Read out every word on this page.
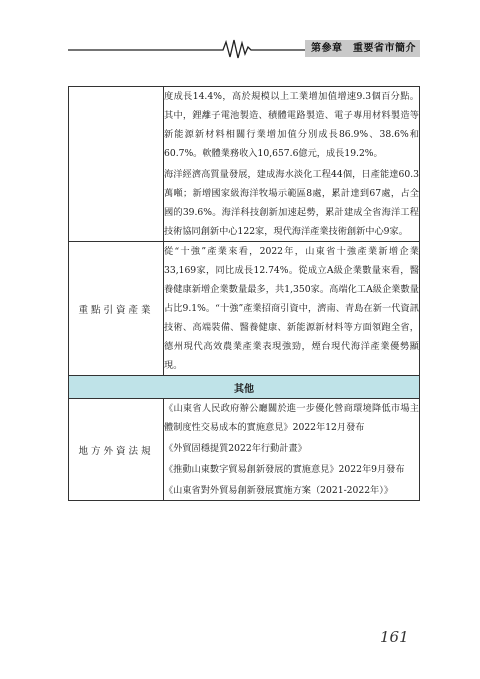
第參章　重要省市簡介

	度成長14.4%，高於規模以上工業增加值增速9.3個百分點。其中，鋰離子電池製造、積體電路製造、電子專用材料製造等新能源新材料相關行業增加值分別成長86.9%、38.6%和60.7%。軟體業務收入10,657.6億元，成長19.2%。

海洋經濟高質量發展，建成海水淡化工程44個，日產能達60.3萬噸；新增國家級海洋牧場示範區8處，累計達到67處，占全國的39.6%。海洋科技創新加速起勢，累計建成全省海洋工程技術協同創新中心122家，現代海洋產業技術創新中心9家。

重點引資產業	從“十強”產業來看，2022年，山東省十強產業新增企業33,169家，同比成長12.74%。從成立A級企業數量來看，醫養健康新增企業數量最多，共1,350家。高端化工A級企業數量占比9.1%。“十強”產業招商引資中，濟南、青島在新一代資訊技術、高端裝備、醫養健康、新能源新材料等方面領跑全省，德州現代高效農業產業表現強勁，煙台現代海洋產業優勢顯現。

其他	
地方外資法規	《山東省人民政府辦公廳關於進一步優化營商環境降低市場主體制度性交易成本的實施意見》2022年12月發布

《外貿固穩提質2022年行動計畫》

《推動山東數字貿易創新發展的實施意見》2022年9月發布

《山東省對外貿易創新發展實施方案（2021-2022年）》

161
